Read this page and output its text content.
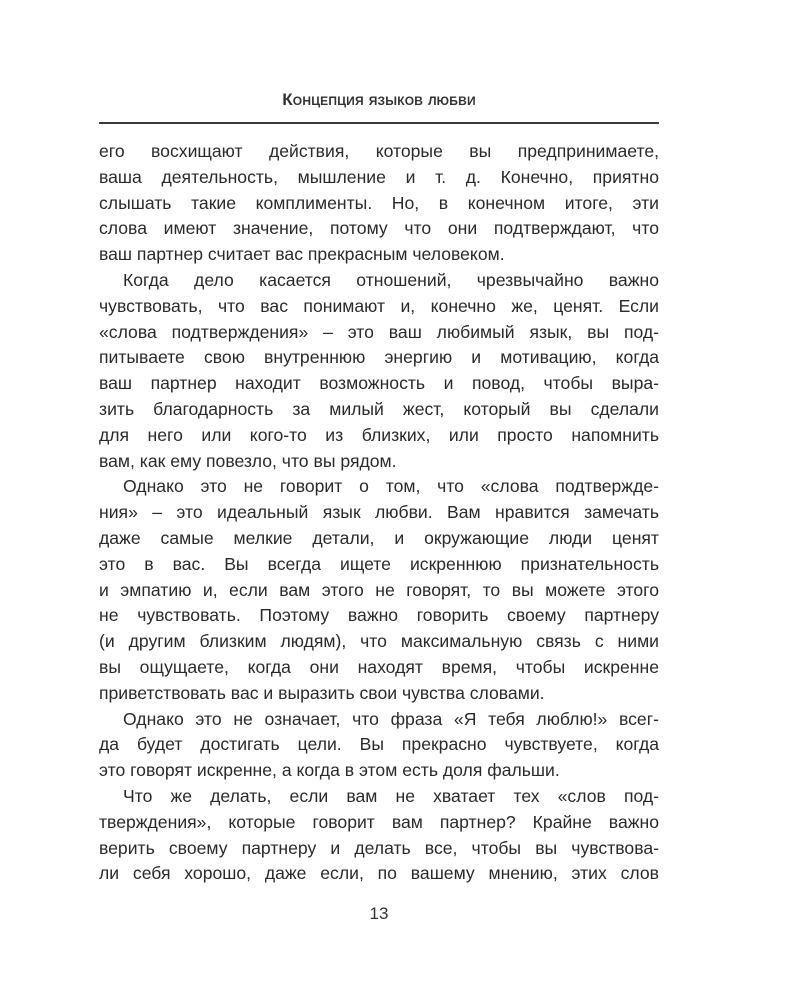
Концепция языков любви
его восхищают действия, которые вы предпринимаете,
ваша деятельность, мышление и т. д. Конечно, приятно
слышать такие комплименты. Но, в конечном итоге, эти
слова имеют значение, потому что они подтверждают, что
ваш партнер считает вас прекрасным человеком.
Когда дело касается отношений, чрезвычайно важно
чувствовать, что вас понимают и, конечно же, ценят. Если
«слова подтверждения» – это ваш любимый язык, вы под-
питываете свою внутреннюю энергию и мотивацию, когда
ваш партнер находит возможность и повод, чтобы выра-
зить благодарность за милый жест, который вы сделали
для него или кого-то из близких, или просто напомнить
вам, как ему повезло, что вы рядом.
Однако это не говорит о том, что «слова подтвержде-
ния» – это идеальный язык любви. Вам нравится замечать
даже самые мелкие детали, и окружающие люди ценят
это в вас. Вы всегда ищете искреннюю признательность
и эмпатию и, если вам этого не говорят, то вы можете этого
не чувствовать. Поэтому важно говорить своему партнеру
(и другим близким людям), что максимальную связь с ними
вы ощущаете, когда они находят время, чтобы искренне
приветствовать вас и выразить свои чувства словами.
Однако это не означает, что фраза «Я тебя люблю!» всег-
да будет достигать цели. Вы прекрасно чувствуете, когда
это говорят искренне, а когда в этом есть доля фальши.
Что же делать, если вам не хватает тех «слов под-
тверждения», которые говорит вам партнер? Крайне важно
верить своему партнеру и делать все, чтобы вы чувствова-
ли себя хорошо, даже если, по вашему мнению, этих слов
13
